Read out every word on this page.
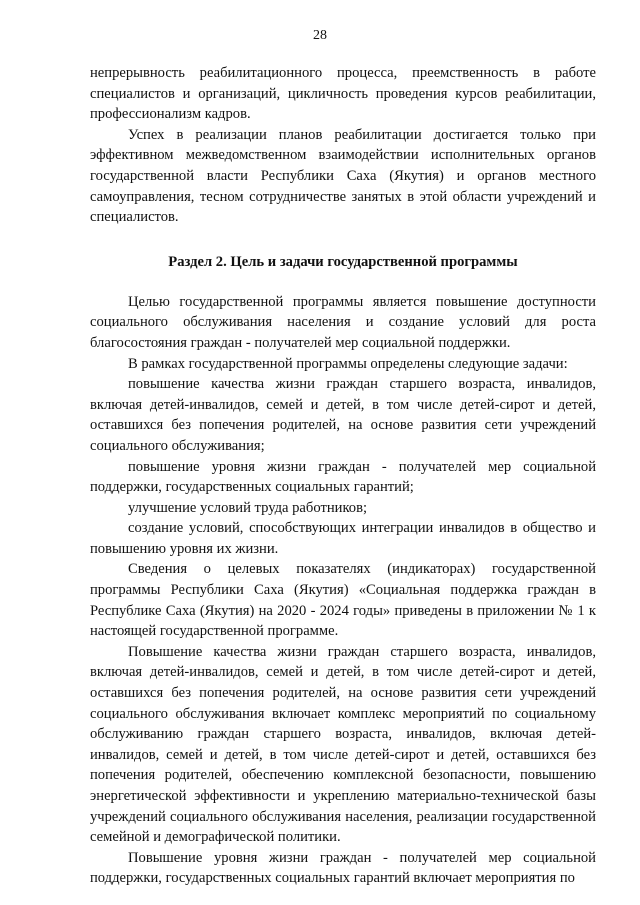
28

непрерывность реабилитационного процесса, преемственность в работе специалистов и организаций, цикличность проведения курсов реабилитации, профессионализм кадров.

Успех в реализации планов реабилитации достигается только при эффективном межведомственном взаимодействии исполнительных органов государственной власти Республики Саха (Якутия) и органов местного самоуправления, тесном сотрудничестве занятых в этой области учреждений и специалистов.

Раздел 2. Цель и задачи государственной программы

Целью государственной программы является повышение доступности социального обслуживания населения и создание условий для роста благосостояния граждан - получателей мер социальной поддержки.

В рамках государственной программы определены следующие задачи:

повышение качества жизни граждан старшего возраста, инвалидов, включая детей-инвалидов, семей и детей, в том числе детей-сирот и детей, оставшихся без попечения родителей, на основе развития сети учреждений социального обслуживания;

повышение уровня жизни граждан - получателей мер социальной поддержки, государственных социальных гарантий;

улучшение условий труда работников;

создание условий, способствующих интеграции инвалидов в общество и повышению уровня их жизни.

Сведения о целевых показателях (индикаторах) государственной программы Республики Саха (Якутия) «Социальная поддержка граждан в Республике Саха (Якутия) на 2020 - 2024 годы» приведены в приложении № 1 к настоящей государственной программе.

Повышение качества жизни граждан старшего возраста, инвалидов, включая детей-инвалидов, семей и детей, в том числе детей-сирот и детей, оставшихся без попечения родителей, на основе развития сети учреждений социального обслуживания включает комплекс мероприятий по социальному обслуживанию граждан старшего возраста, инвалидов, включая детей-инвалидов, семей и детей, в том числе детей-сирот и детей, оставшихся без попечения родителей, обеспечению комплексной безопасности, повышению энергетической эффективности и укреплению материально-технической базы учреждений социального обслуживания населения, реализации государственной семейной и демографической политики.

Повышение уровня жизни граждан - получателей мер социальной поддержки, государственных социальных гарантий включает мероприятия по
